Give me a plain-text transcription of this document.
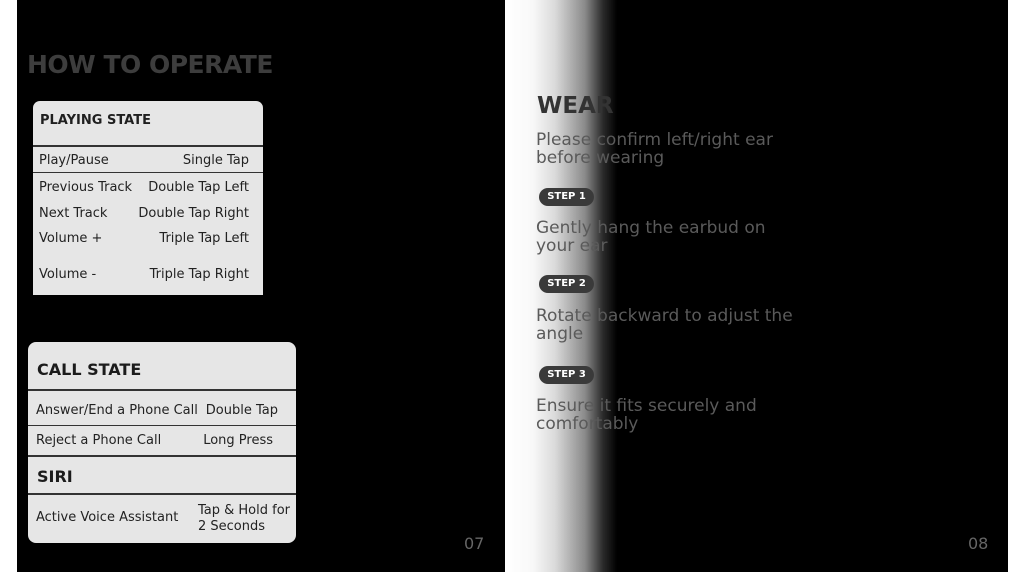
HOW TO OPERATE
PLAYING STATE
Play/Pause	Single Tap
Previous Track Double Tap Left
Next Track Double Tap Right
Volume +	Triple Tap Left
Volume -	Triple Tap Right
CALL STATE
Answer/End a Phone Call Double Tap
Reject a Phone Call	Long Press
SIRI
Active Voice Assistant Tap & Hold for
2 Seconds
07
WEAR
Please confirm left/right ear before wearing
STEP 1
Gently hang the earbud on your ear
STEP 2
Rotate backward to adjust the angle
STEP 3
Ensure it fits securely and comfortably
08
